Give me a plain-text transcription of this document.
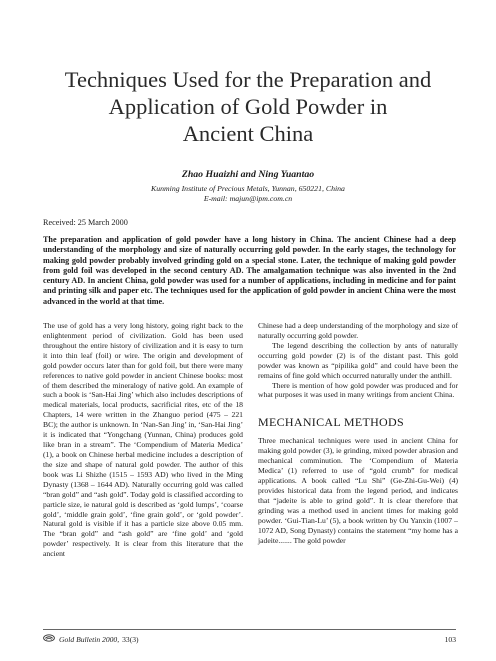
Techniques Used for the Preparation and
Application of Gold Powder in
Ancient China

Zhao Huaizhi and Ning Yuantao

Kunming Institute of Precious Metals, Yunnan, 650221, China
E-mail: majun@ipm.com.cn
Received: 25 March 2000

The preparation and application of gold powder have a long history in China. The ancient Chinese had a deep understanding of the morphology and size of naturally occurring gold powder. In the early stages, the technology for making gold powder probably involved grinding gold on a special stone. Later, the technique of making gold powder from gold foil was developed in the second century AD. The amalgamation technique was also invented in the 2nd century AD. In ancient China, gold powder was used for a number of applications, including in medicine and for paint and printing silk and paper etc. The techniques used for the application of gold powder in ancient China were the most advanced in the world at that time.

The use of gold has a very long history, going right back to the enlightenment period of civilization. Gold has been used throughout the entire history of civilization and it is easy to turn it into thin leaf (foil) or wire. The origin and development of gold powder occurs later than for gold foil, but there were many references to native gold powder in ancient Chinese books: most of them described the mineralogy of native gold. An example of such a book is ‘San-Hai Jing’ which also includes descriptions of medical materials, local products, sacrificial rites, etc of the 18 Chapters, 14 were written in the Zhanguo period (475 – 221 BC); the author is unknown. In ‘Nan-San Jing’ in, ‘San-Hai Jing’ it is indicated that “Yongchang (Yunnan, China) produces gold like bran in a stream”. The ‘Compendium of Materia Medica’ (1), a book on Chinese herbal medicine includes a description of the size and shape of natural gold powder. The author of this book was Li Shizhe (1515 – 1593 AD) who lived in the Ming Dynasty (1368 – 1644 AD). Naturally occurring gold was called “bran gold” and “ash gold”. Today gold is classified according to particle size, ie natural gold is described as ‘gold lumps’, ‘coarse gold’, ‘middle grain gold’, ‘fine grain gold’, or ‘gold powder’. Natural gold is visible if it has a particle size above 0.05 mm. The “bran gold” and “ash gold” are ‘fine gold’ and ‘gold powder’ respectively. It is clear from this literature that the ancient

Chinese had a deep understanding of the morphology and size of naturally occurring gold powder.

The legend describing the collection by ants of naturally occurring gold powder (2) is of the distant past. This gold powder was known as “pipilika gold” and could have been the remains of fine gold which occurred naturally under the anthill.

There is mention of how gold powder was produced and for what purposes it was used in many writings from ancient China.

MECHANICAL METHODS

Three mechanical techniques were used in ancient China for making gold powder (3), ie grinding, mixed powder abrasion and mechanical comminution. The ‘Compendium of Materia Medica’ (1) referred to use of “gold crumb” for medical applications. A book called “Lu Shi” (Ge-Zhi-Gu-Wei) (4) provides historical data from the legend period, and indicates that “jadeite is able to grind gold”. It is clear therefore that grinding was a method used in ancient times for making gold powder. ‘Gui-Tian-Lu’ (5), a book written by Ou Yanxin (1007 – 1072 AD, Song Dynasty) contains the statement “my home has a jadeite....... The gold powder

Gold Bulletin 2000, 33(3)	103
